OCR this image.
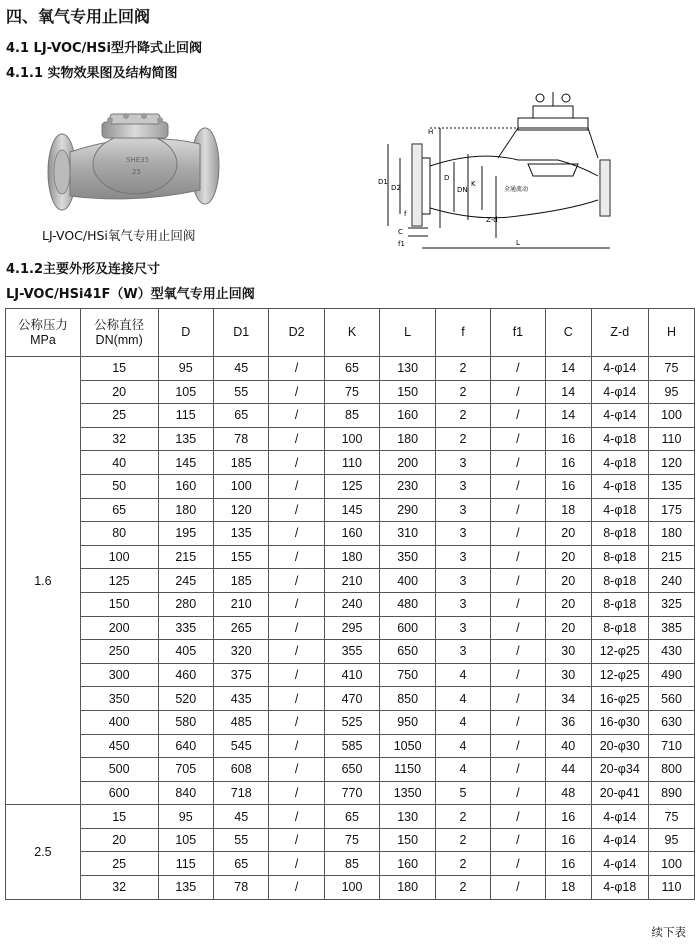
四、氧气专用止回阀
4.1 LJ-VOC/HSi型升降式止回阀
4.1.1 实物效果图及结构简图
SHE35
25
LJ-VOC/HSi氧气专用止回阀
D1
D2
D
DN
K
H
L
Z-d
C
f
f1
全通流动
4.1.2主要外形及连接尺寸
LJ-VOC/HSi41F（W）型氧气专用止回阀
公称压力
MPa	公称直径
DN(mm)	D	D1	D2	K	L	f	f1	C	Z-d	H
1.6	15	95	45	/	65	130	2	/	14	4-φ14	75
	20	105	55	/	75	150	2	/	14	4-φ14	95
	25	115	65	/	85	160	2	/	14	4-φ14	100
	32	135	78	/	100	180	2	/	16	4-φ18	110
	40	145	185	/	110	200	3	/	16	4-φ18	120
	50	160	100	/	125	230	3	/	16	4-φ18	135
	65	180	120	/	145	290	3	/	18	4-φ18	175
	80	195	135	/	160	310	3	/	20	8-φ18	180
	100	215	155	/	180	350	3	/	20	8-φ18	215
	125	245	185	/	210	400	3	/	20	8-φ18	240
	150	280	210	/	240	480	3	/	20	8-φ18	325
	200	335	265	/	295	600	3	/	20	8-φ18	385
	250	405	320	/	355	650	3	/	30	12-φ25	430
	300	460	375	/	410	750	4	/	30	12-φ25	490
	350	520	435	/	470	850	4	/	34	16-φ25	560
	400	580	485	/	525	950	4	/	36	16-φ30	630
	450	640	545	/	585	1050	4	/	40	20-φ30	710
	500	705	608	/	650	1150	4	/	44	20-φ34	800
	600	840	718	/	770	1350	5	/	48	20-φ41	890
2.5	15	95	45	/	65	130	2	/	16	4-φ14	75
	20	105	55	/	75	150	2	/	16	4-φ14	95
	25	115	65	/	85	160	2	/	16	4-φ14	100
	32	135	78	/	100	180	2	/	18	4-φ18	110
续下表
